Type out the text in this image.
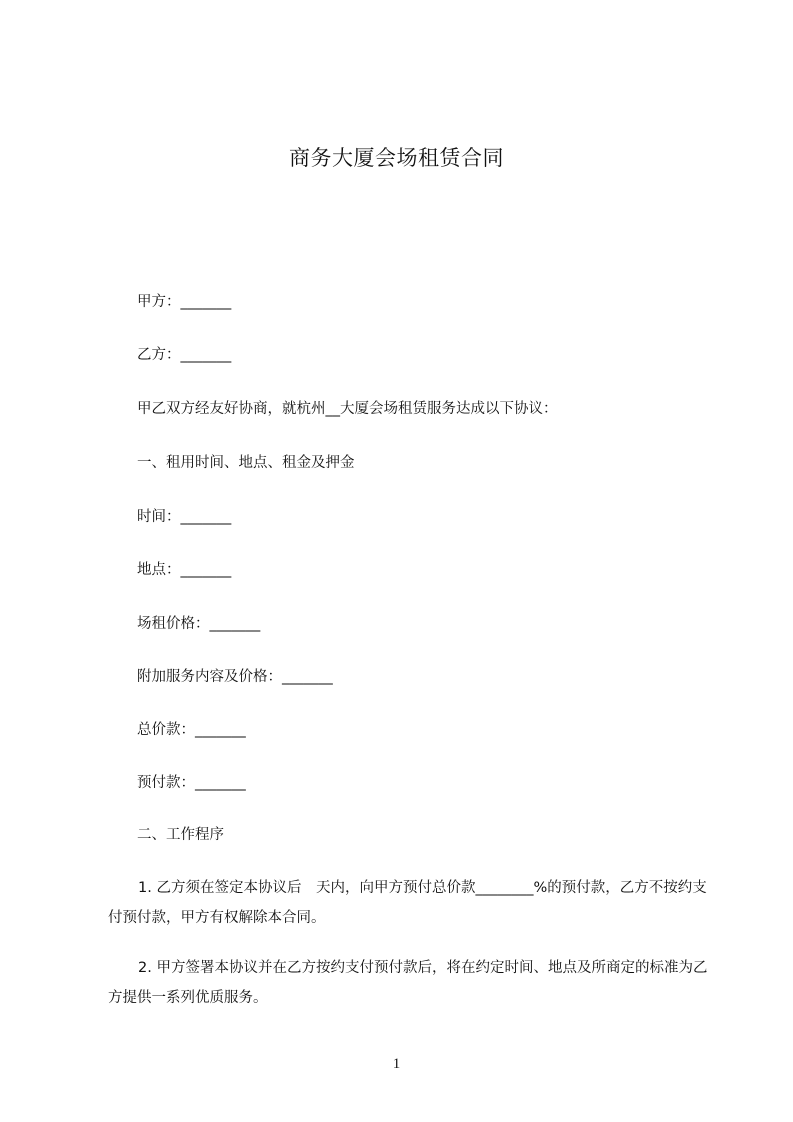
商务大厦会场租赁合同
甲方：_______
乙方：_______
甲乙双方经友好协商，就杭州__大厦会场租赁服务达成以下协议：
一、租用时间、地点、租金及押金
时间：_______
地点：_______
场租价格：_______
附加服务内容及价格：_______
总价款：_______
预付款：_______
二、工作程序
1. 乙方须在签定本协议后　天内，向甲方预付总价款________%的预付款，乙方不按约支付预付款，甲方有权解除本合同。
2. 甲方签署本协议并在乙方按约支付预付款后，将在约定时间、地点及所商定的标准为乙方提供一系列优质服务。
1
